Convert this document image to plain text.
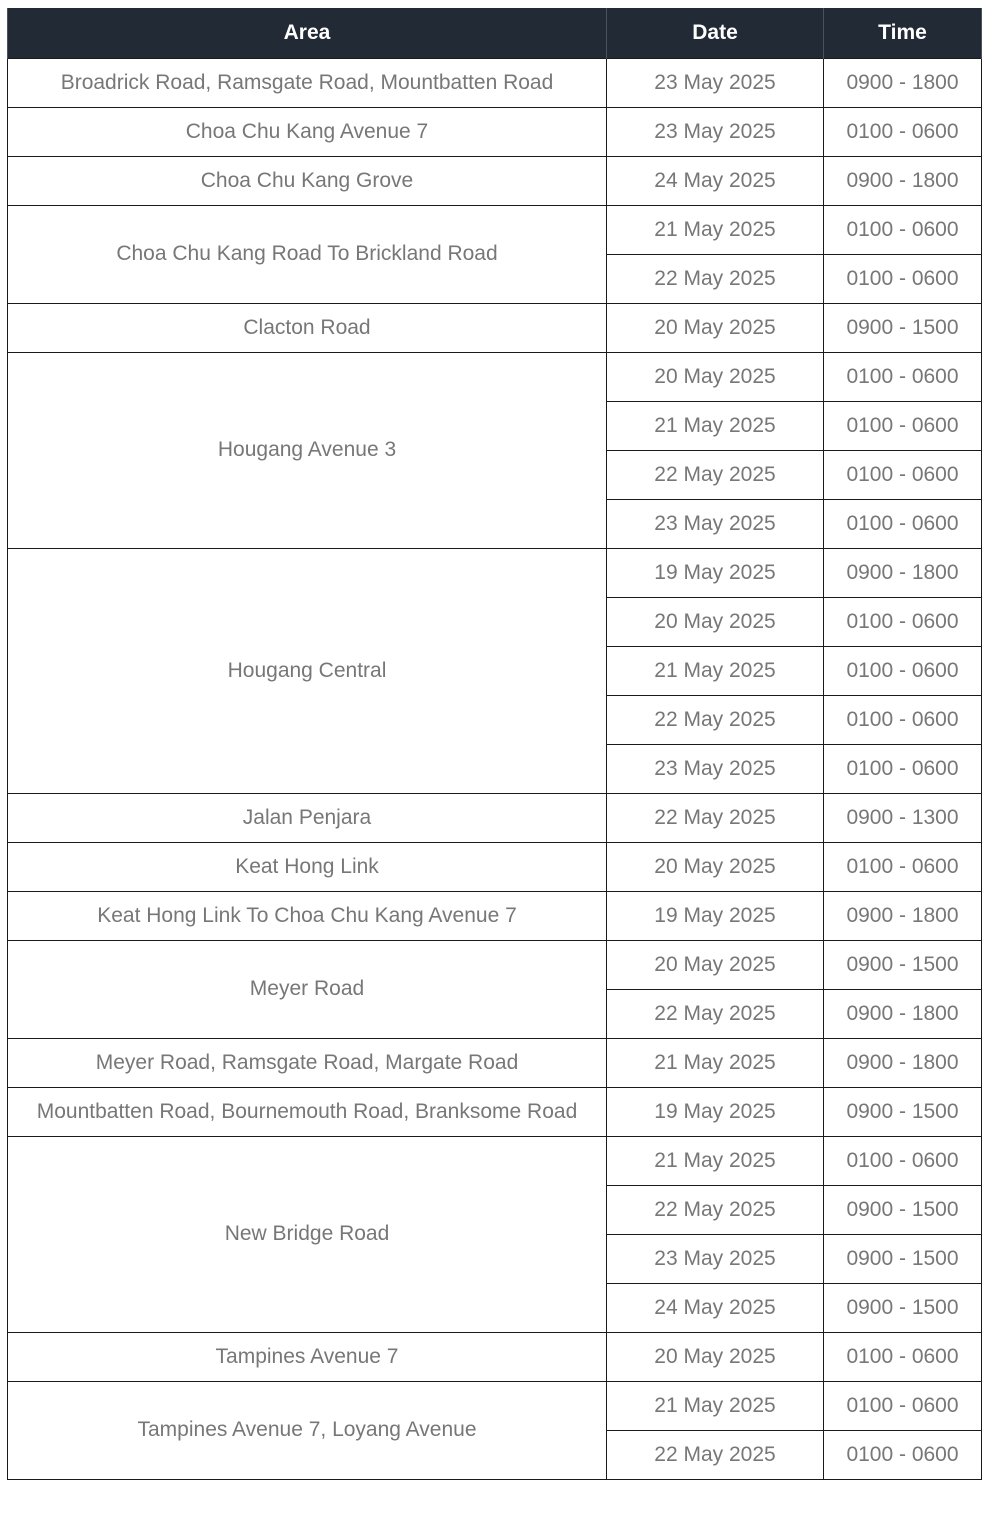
Area	Date	Time
Broadrick Road, Ramsgate Road, Mountbatten Road	23 May 2025	0900 - 1800
Choa Chu Kang Avenue 7	23 May 2025	0100 - 0600
Choa Chu Kang Grove	24 May 2025	0900 - 1800
Choa Chu Kang Road To Brickland Road	21 May 2025	0100 - 0600
	22 May 2025	0100 - 0600
Clacton Road	20 May 2025	0900 - 1500
Hougang Avenue 3	20 May 2025	0100 - 0600
	21 May 2025	0100 - 0600
	22 May 2025	0100 - 0600
	23 May 2025	0100 - 0600
Hougang Central	19 May 2025	0900 - 1800
	20 May 2025	0100 - 0600
	21 May 2025	0100 - 0600
	22 May 2025	0100 - 0600
	23 May 2025	0100 - 0600
Jalan Penjara	22 May 2025	0900 - 1300
Keat Hong Link	20 May 2025	0100 - 0600
Keat Hong Link To Choa Chu Kang Avenue 7	19 May 2025	0900 - 1800
Meyer Road	20 May 2025	0900 - 1500
	22 May 2025	0900 - 1800
Meyer Road, Ramsgate Road, Margate Road	21 May 2025	0900 - 1800
Mountbatten Road, Bournemouth Road, Branksome Road	19 May 2025	0900 - 1500
New Bridge Road	21 May 2025	0100 - 0600
	22 May 2025	0900 - 1500
	23 May 2025	0900 - 1500
	24 May 2025	0900 - 1500
Tampines Avenue 7	20 May 2025	0100 - 0600
Tampines Avenue 7, Loyang Avenue	21 May 2025	0100 - 0600
	22 May 2025	0100 - 0600
